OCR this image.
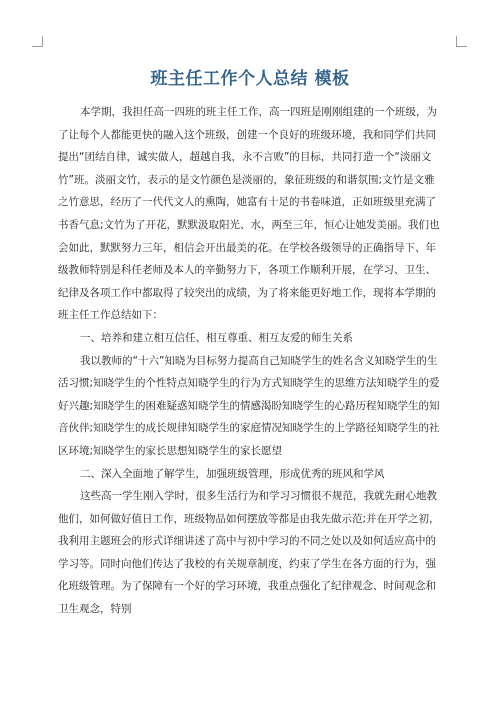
班主任工作个人总结 模板

本学期，我担任高一四班的班主任工作，高一四班是刚刚组建的一个班级，为了让每个人都能更快的融入这个班级，创建一个良好的班级环境，我和同学们共同提出“团结自律，诚实做人，超越自我，永不言败”的目标，共同打造一个“淡丽文竹”班。淡丽文竹，表示的是文竹颜色是淡丽的，象征班级的和谐氛围;文竹是文雅之竹意思，经历了一代代文人的熏陶，她富有十足的书卷味道，正如班级里充满了书香气息;文竹为了开花，默默汲取阳光、水，两至三年，恒心让她发美丽。我们也会如此，默默努力三年，相信会开出最美的花。在学校各级领导的正确指导下、年级教师特别是科任老师及本人的辛勤努力下，各项工作顺利开展，在学习、卫生、纪律及各项工作中都取得了较突出的成绩，为了将来能更好地工作，现将本学期的班主任工作总结如下：

一、培养和建立相互信任、相互尊重、相互友爱的师生关系

我以教师的“十六”知晓为目标努力提高自己知晓学生的姓名含义知晓学生的生活习惯;知晓学生的个性特点知晓学生的行为方式知晓学生的思维方法知晓学生的爱好兴趣;知晓学生的困难疑惑知晓学生的情感渴盼知晓学生的心路历程知晓学生的知音伙伴;知晓学生的成长规律知晓学生的家庭情况知晓学生的上学路径知晓学生的社区环境;知晓学生的家长思想知晓学生的家长愿望

二、深入全面地了解学生，加强班级管理，形成优秀的班风和学风

这些高一学生刚入学时，很多生活行为和学习习惯很不规范，我就先耐心地教他们，如何做好值日工作，班级物品如何摆放等都是由我先做示范;并在开学之初，我利用主题班会的形式详细讲述了高中与初中学习的不同之处以及如何适应高中的学习等。同时向他们传达了我校的有关规章制度，约束了学生在各方面的行为，强化班级管理。为了保障有一个好的学习环境，我重点强化了纪律观念、时间观念和卫生观念，特别
